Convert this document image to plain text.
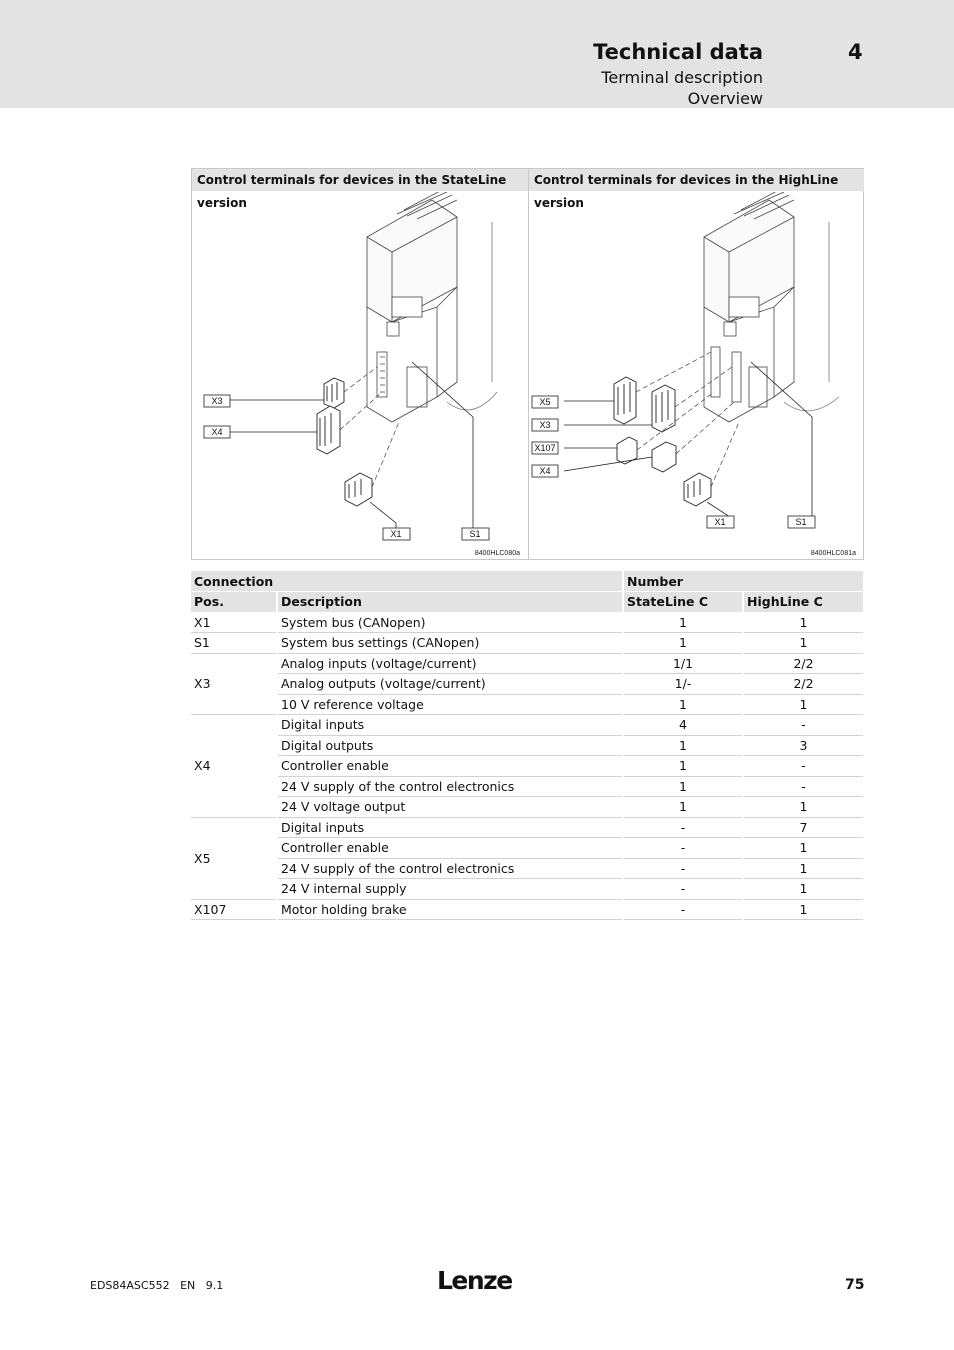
Technical data	4
Terminal description
Overview
Control terminals for devices in the StateLine version
Control terminals for devices in the HighLine version
X3
X4
X1	S1
8400HLC080a
X5
X3
X107
X4
X1	S1
8400HLC081a
Connection		Number	
Pos.	Description	StateLine C	HighLine C
X1	System bus (CANopen)	1	1
S1	System bus settings (CANopen)	1	1
X3	Analog inputs (voltage/current)	1/1	2/2
	Analog outputs (voltage/current)	1/-	2/2
	10 V reference voltage	1	1
X4	Digital inputs	4	-
	Digital outputs	1	3
	Controller enable	1	-
	24 V supply of the control electronics	1	-
	24 V voltage output	1	1
X5	Digital inputs	-	7
	Controller enable	-	1
	24 V supply of the control electronics	-	1
	24 V internal supply	-	1
X107	Motor holding brake	-	1
EDS84ASC552   EN   9.1	Lenze	75
